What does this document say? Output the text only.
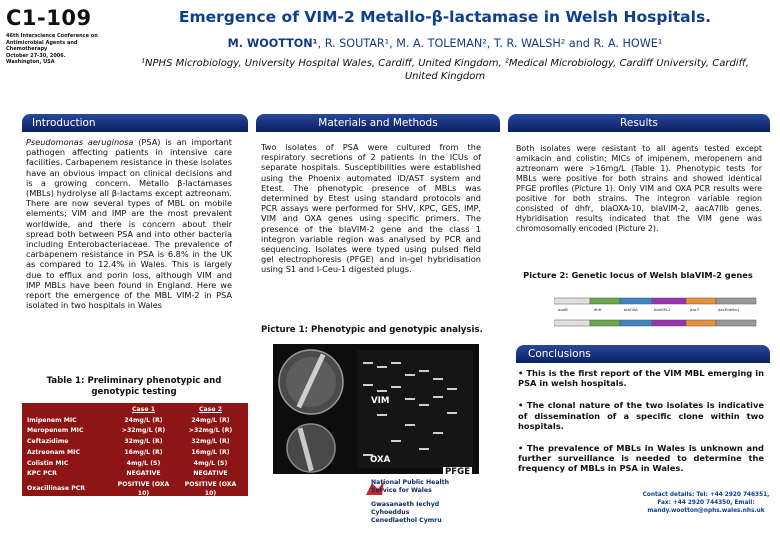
C1-109
46th Interscience Conference on
Antimicrobial Agents and
Chemotherapy
October 27-30, 2006.
Washington, USA
Emergence of VIM-2 Metallo-β-lactamase in Welsh Hospitals.
M. WOOTTON¹, R. SOUTAR¹, M. A. TOLEMAN², T. R. WALSH² and R. A. HOWE¹
¹NPHS Microbiology, University Hospital Wales, Cardiff, United Kingdom, ²Medical Microbiology, Cardiff University, Cardiff,
United Kingdom
Introduction
Pseudomonas aeruginosa (PSA) is an important pathogen affecting patients in intensive care facilities. Carbapenem resistance in these isolates have an obvious impact on clinical decisions and is a growing concern. Metallo β-lactamases (MBLs) hydrolyse all β-lactams except aztreonam. There are now several types of MBL on mobile elements; VIM and IMP are the most prevalent worldwide, and there is concern about their spread both between PSA and into other bacteria including Enterobacteriaceae. The prevalence of carbapenem resistance in PSA is 6.8% in the UK as compared to 12.4% in Wales. This is largely due to efflux and porin loss, although VIM and IMP MBLs have been found in England. Here we report the emergence of the MBL VIM-2 in PSA isolated in two hospitals in Wales
Table 1: Preliminary phenotypic and genotypic testing
	Case 1	Case 2
Imipenem MIC	24mg/L (R)	24mg/L (R)
Meropenem MIC	>32mg/L (R)	>32mg/L (R)
Ceftazidime	32mg/L (R)	32mg/L (R)
Aztreonam MIC	16mg/L (R)	16mg/L (R)
Colistin MIC	4mg/L (S)	4mg/L (S)
KPC PCR	NEGATIVE	NEGATIVE
Oxacillinase PCR	POSITIVE (OXA 10)	POSITIVE (OXA 10)
IMP PCR	NEGATIVE	NEGATIVE
VIM PCR	POSITIVE	POSITIVE
GES PCR	NEGATIVE	NEGATIVE
Materials and Methods
Two isolates of PSA were cultured from the respiratory secretions of 2 patients in the ICUs of separate hospitals. Susceptibilities were established using the Phoenix automated ID/AST system and Etest. The phenotypic presence of MBLs was determined by Etest using standard protocols and PCR assays were performed for SHV, KPC, GES, IMP, VIM and OXA genes using specific primers. The presence of the blaVIM-2 gene and the class 1 integron variable region was analysed by PCR and sequencing. Isolates were typed using pulsed field gel electrophoresis (PFGE) and in-gel hybridisation using S1 and I-Ceu-1 digested plugs.
Picture 1: Phenotypic and genotypic analysis.
VIM
OXA
PFGE
National Public Health
Service for Wales
Gwasanaeth Iechyd Cyhoeddus
Cenedlaethol Cymru
Results
Both isolates were resistant to all agents tested except amikacin and colistin; MICs of imipenem, meropenem and aztreonam were >16mg/L (Table 1). Phenotypic tests for MBLs were positive for both strains and showed identical PFGE profiles (Picture 1). Only VIM and OXA PCR results were positive for both strains. The integron variable region consisted of dhfr, blaOXA-10, blaVIM-2, aacA7IIb genes. Hybridisation results indicated that the VIM gene was chromosomally encoded (Picture 2).
Picture 2: Genetic locus of Welsh blaVIM-2 genes
aadB	dhfr	blaOXA	blaVIM-2	aac7	qacEdelta1
Conclusions
• This is the first report of the VIM MBL emerging in PSA in welsh hospitals.
• The clonal nature of the two isolates is indicative of dissemination of a specific clone within two hospitals.
• The prevalence of MBLs in Wales is unknown and further surveillance is needed to determine the frequency of MBLs in PSA in Wales.
Contact details: Tel: +44 2920 746351, Fax: +44 2920 744350, Email: mandy.wootton@nphs.wales.nhs.uk
